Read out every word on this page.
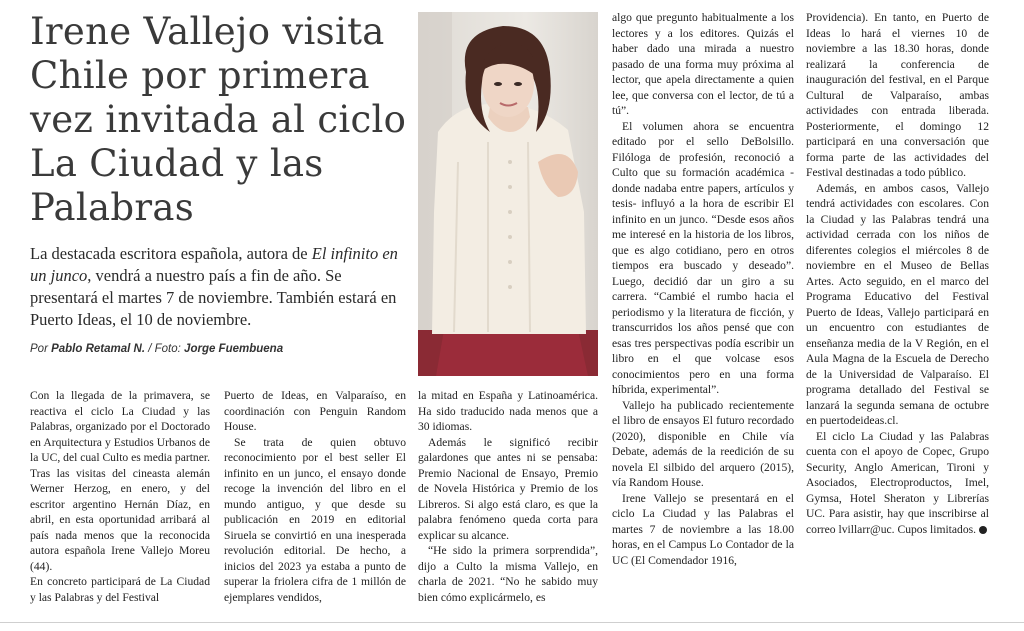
Irene Vallejo visita Chile por primera vez invitada al ciclo La Ciudad y las Palabras

La destacada escritora española, autora de El infinito en un junco, vendrá a nuestro país a fin de año. Se presentará el martes 7 de noviembre. También estará en Puerto Ideas, el 10 de noviembre.

Por Pablo Retamal N. / Foto: Jorge Fuembuena

Con la llegada de la primavera, se reactiva el ciclo La Ciudad y las Palabras, organizado por el Doctorado en Arquitectura y Estudios Urbanos de la UC, del cual Culto es media partner. Tras las visitas del cineasta alemán Werner Herzog, en enero, y del escritor argentino Hernán Díaz, en abril, en esta oportunidad arribará al país nada menos que la reconocida autora española Irene Vallejo Moreu (44).

En concreto participará de La Ciudad y las Palabras y del Festival

Puerto de Ideas, en Valparaíso, en coordinación con Penguin Random House.

Se trata de quien obtuvo reconocimiento por el best seller El infinito en un junco, el ensayo donde recoge la invención del libro en el mundo antiguo, y que desde su publicación en 2019 en editorial Siruela se convirtió en una inesperada revolución editorial. De hecho, a inicios del 2023 ya estaba a punto de superar la friolera cifra de 1 millón de ejemplares vendidos,

la mitad en España y Latinoamérica. Ha sido traducido nada menos que a 30 idiomas.

Además le significó recibir galardones que antes ni se pensaba: Premio Nacional de Ensayo, Premio de Novela Histórica y Premio de los Libreros. Si algo está claro, es que la palabra fenómeno queda corta para explicar su alcance.

“He sido la primera sorprendida”, dijo a Culto la misma Vallejo, en charla de 2021. “No he sabido muy bien cómo explicármelo, es

algo que pregunto habitualmente a los lectores y a los editores. Quizás el haber dado una mirada a nuestro pasado de una forma muy próxima al lector, que apela directamente a quien lee, que conversa con el lector, de tú a tú”.

El volumen ahora se encuentra editado por el sello DeBolsillo. Filóloga de profesión, reconoció a Culto que su formación académica -donde nadaba entre papers, artículos y tesis- influyó a la hora de escribir El infinito en un junco. “Desde esos años me interesé en la historia de los libros, que es algo cotidiano, pero en otros tiempos era buscado y deseado”. Luego, decidió dar un giro a su carrera. “Cambié el rumbo hacia el periodismo y la literatura de ficción, y transcurridos los años pensé que con esas tres perspectivas podía escribir un libro en el que volcase esos conocimientos pero en una forma híbrida, experimental”.

Vallejo ha publicado recientemente el libro de ensayos El futuro recordado (2020), disponible en Chile vía Debate, además de la reedición de su novela El silbido del arquero (2015), vía Random House.

Irene Vallejo se presentará en el ciclo La Ciudad y las Palabras el martes 7 de noviembre a las 18.00 horas, en el Campus Lo Contador de la UC (El Comendador 1916,

Providencia). En tanto, en Puerto de Ideas lo hará el viernes 10 de noviembre a las 18.30 horas, donde realizará la conferencia de inauguración del festival, en el Parque Cultural de Valparaíso, ambas actividades con entrada liberada. Posteriormente, el domingo 12 participará en una conversación que forma parte de las actividades del Festival destinadas a todo público.

Además, en ambos casos, Vallejo tendrá actividades con escolares. Con la Ciudad y las Palabras tendrá una actividad cerrada con los niños de diferentes colegios el miércoles 8 de noviembre en el Museo de Bellas Artes. Acto seguido, en el marco del Programa Educativo del Festival Puerto de Ideas, Vallejo participará en un encuentro con estudiantes de enseñanza media de la V Región, en el Aula Magna de la Escuela de Derecho de la Universidad de Valparaíso. El programa detallado del Festival se lanzará la segunda semana de octubre en puertodeideas.cl.

El ciclo La Ciudad y las Palabras cuenta con el apoyo de Copec, Grupo Security, Anglo American, Tironi y Asociados, Electroproductos, Imel, Gymsa, Hotel Sheraton y Librerías UC. Para asistir, hay que inscribirse al correo lvillarr@uc. Cupos limitados.
